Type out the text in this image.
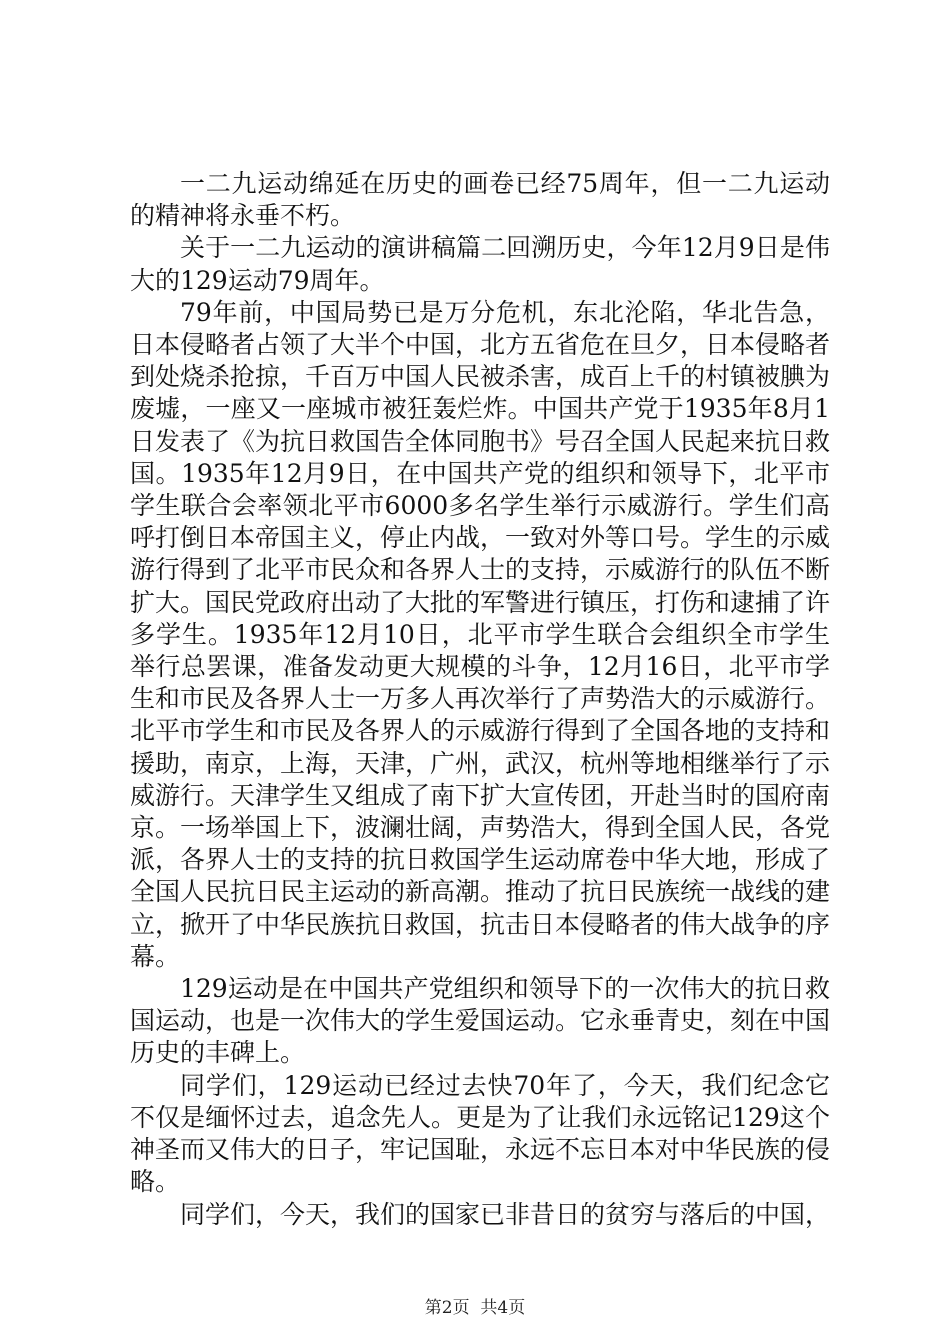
一二九运动绵延在历史的画卷已经75周年，但一二九运动的精神将永垂不朽。

关于一二九运动的演讲稿篇二回溯历史，今年12月9日是伟大的129运动79周年。

79年前，中国局势已是万分危机，东北沦陷，华北告急，日本侵略者占领了大半个中国，北方五省危在旦夕，日本侵略者到处烧杀抢掠，千百万中国人民被杀害，成百上千的村镇被腆为废墟，一座又一座城市被狂轰烂炸。中国共产党于1935年8月1日发表了《为抗日救国告全体同胞书》号召全国人民起来抗日救国。1935年12月9日，在中国共产党的组织和领导下，北平市学生联合会率领北平市6000多名学生举行示威游行。学生们高呼打倒日本帝国主义，停止内战，一致对外等口号。学生的示威游行得到了北平市民众和各界人士的支持，示威游行的队伍不断扩大。国民党政府出动了大批的军警进行镇压，打伤和逮捕了许多学生。1935年12月10日，北平市学生联合会组织全市学生举行总罢课，准备发动更大规模的斗争，12月16日，北平市学生和市民及各界人士一万多人再次举行了声势浩大的示威游行。北平市学生和市民及各界人的示威游行得到了全国各地的支持和援助，南京，上海，天津，广州，武汉，杭州等地相继举行了示威游行。天津学生又组成了南下扩大宣传团，开赴当时的国府南京。一场举国上下，波澜壮阔，声势浩大，得到全国人民，各党派，各界人士的支持的抗日救国学生运动席卷中华大地，形成了全国人民抗日民主运动的新高潮。推动了抗日民族统一战线的建立，掀开了中华民族抗日救国，抗击日本侵略者的伟大战争的序幕。

129运动是在中国共产党组织和领导下的一次伟大的抗日救国运动，也是一次伟大的学生爱国运动。它永垂青史，刻在中国历史的丰碑上。

同学们，129运动已经过去快70年了，今天，我们纪念它不仅是缅怀过去，追念先人。更是为了让我们永远铭记129这个神圣而又伟大的日子，牢记国耻，永远不忘日本对中华民族的侵略。

同学们，今天，我们的国家已非昔日的贫穷与落后的中国，

第2页  共4页
